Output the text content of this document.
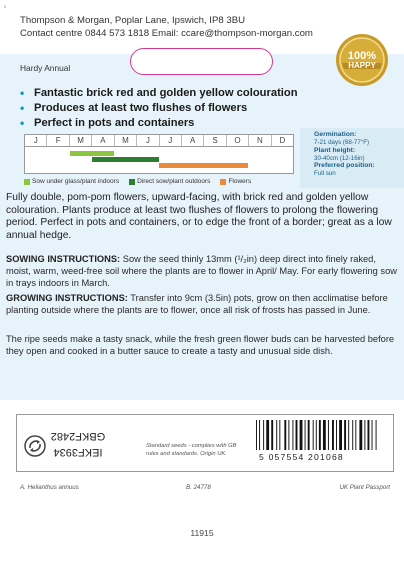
5
Thompson & Morgan, Poplar Lane, Ipswich, IP8 3BU
Contact centre 0844 573 1818 Email: ccare@thompson-morgan.com
100%
HAPPY
Hardy Annual
• Fantastic brick red and golden yellow colouration
• Produces at least two flushes of flowers
• Perfect in pots and containers
J	F	M	A	M	J	J	A	S	O	N	D
Sow under glass/plant indoors	Direct sow/plant outdoors	Flowers
Germination:
7-21 days (68-77°F)
Plant height:
30-40cm (12-16in)
Preferred position:
Full sun
Fully double, pom-pom flowers, upward-facing, with brick red and golden yellow colouration. Plants produce at least two flushes of flowers to prolong the flowering period. Perfect in pots and containers, or to edge the front of a border; great as a low annual hedge.
SOWING INSTRUCTIONS: Sow the seed thinly 13mm (¹/₂in) deep direct into finely raked, moist, warm, weed-free soil where the plants are to flower in April/ May. For early flowering sow in trays indoors in March.
GROWING INSTRUCTIONS: Transfer into 9cm (3.5in) pots, grow on then acclimatise before planting outside where the plants are to flower, once all risk of frosts has passed in June.
The ripe seeds make a tasty snack, while the fresh green flower buds can be harvested before they open and cooked in a butter sauce to create a tasty and unusual side dish.
IEKF3934
GBKF2482
Standard seeds - complies with GB
rules and standards. Origin UK.	5 057554 201068
A. Helianthus annuus	B. 24778	UK Plant Passport
11915
